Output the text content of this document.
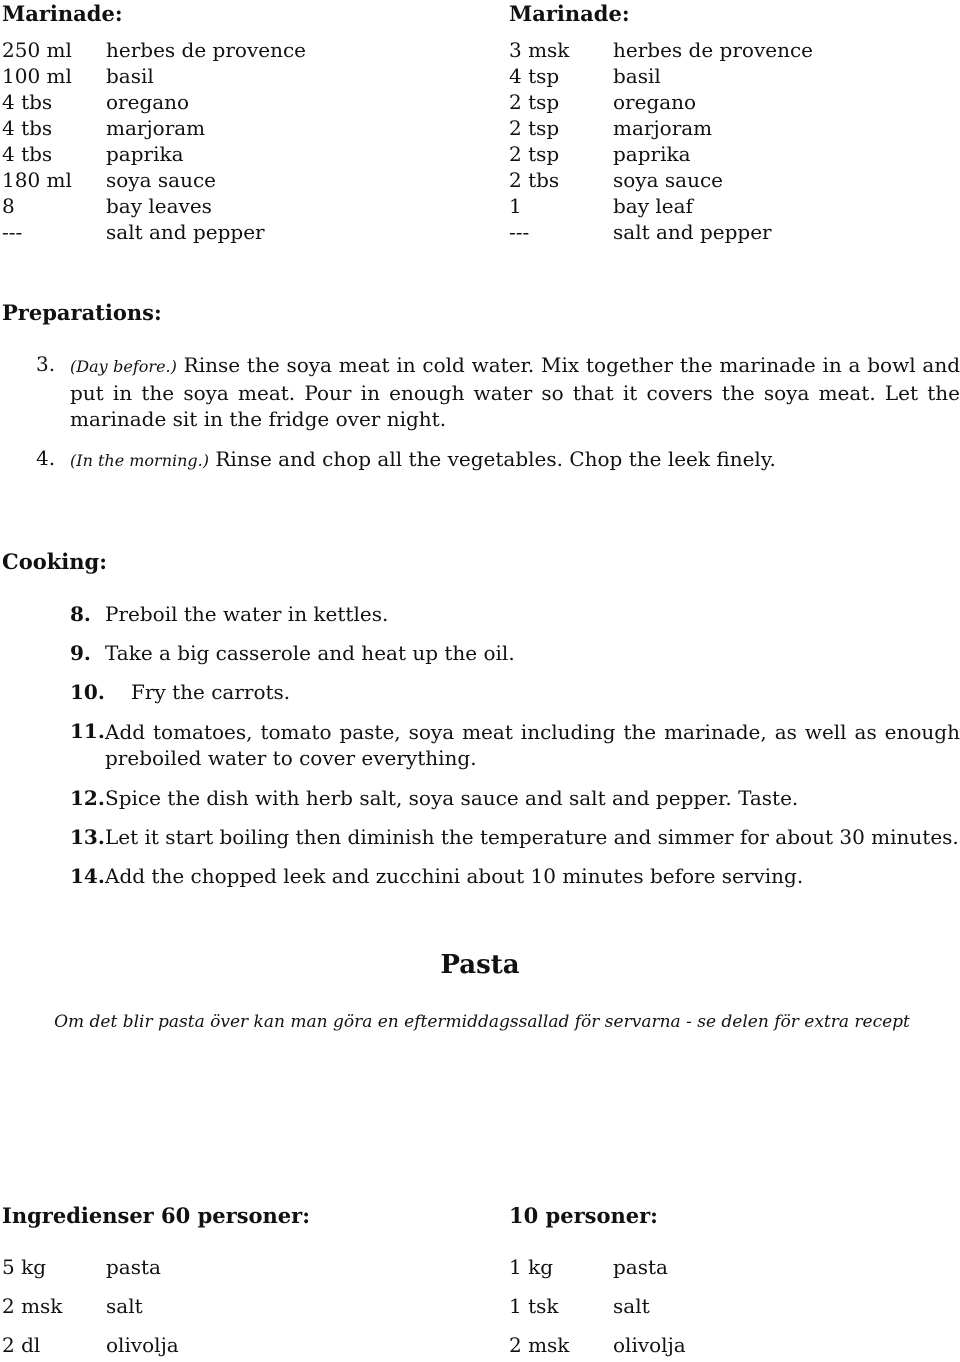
Marinade:
250 ml herbes de provence
100 ml basil
4 tbs	oregano
4 tbs	marjoram
4 tbs	paprika
180 ml soya sauce
8	bay leaves
---	salt and pepper
Marinade:
3 msk herbes de provence
4 tsp	basil
2 tsp	oregano
2 tsp	marjoram
2 tsp	paprika
2 tbs	soya sauce
1	bay leaf
---	salt and pepper
Preparations:
3. (Day before.) Rinse the soya meat in cold water. Mix together the marinade in a bowl and put in the soya meat. Pour in enough water so that it covers the soya meat. Let the marinade sit in the fridge over night.
4. (In the morning.) Rinse and chop all the vegetables. Chop the leek finely.
Cooking:
8. Preboil the water in kettles.
9. Take a big casserole and heat up the oil.
10. Fry the carrots.
11. Add tomatoes, tomato paste, soya meat including the marinade, as well as enough preboiled water to cover everything.
12. Spice the dish with herb salt, soya sauce and salt and pepper. Taste.
13. Let it start boiling then diminish the temperature and simmer for about 30 minutes.
14. Add the chopped leek and zucchini about 10 minutes before serving.
Pasta
Om det blir pasta över kan man göra en eftermiddagssallad för servarna - se delen för extra recept
Ingredienser 60 personer:
5 kg	pasta
2 msk salt
2 dl	olivolja
10 personer:
1 kg	pasta
1 tsk	salt
2 msk olivolja
